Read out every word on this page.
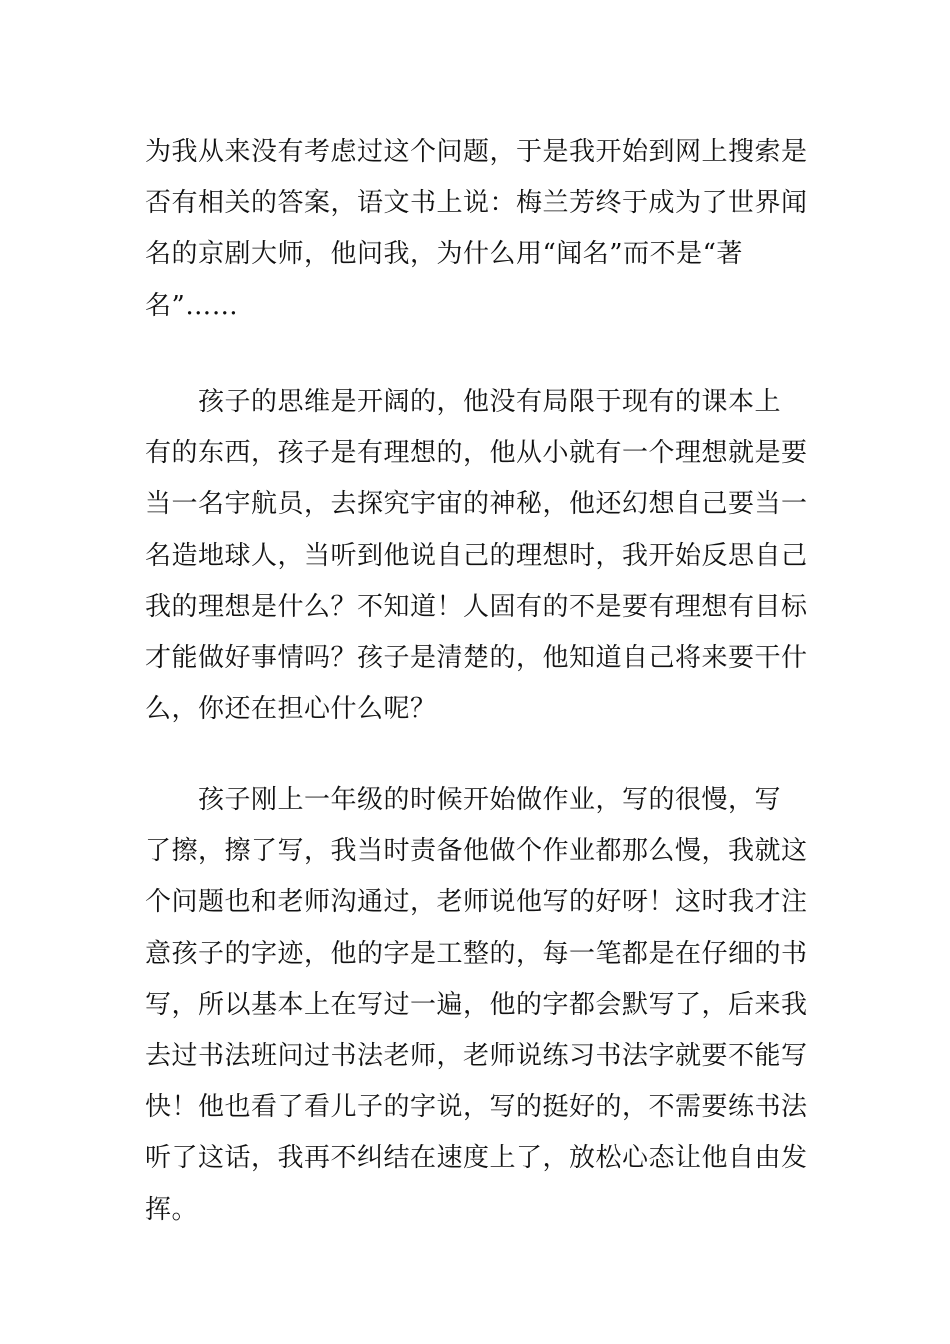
为我从来没有考虑过这个问题，于是我开始到网上搜索是
否有相关的答案，语文书上说：梅兰芳终于成为了世界闻
名的京剧大师，他问我，为什么用“闻名”而不是“著
名”……

　　孩子的思维是开阔的，他没有局限于现有的课本上
有的东西，孩子是有理想的，他从小就有一个理想就是要
当一名宇航员，去探究宇宙的神秘，他还幻想自己要当一
名造地球人，当听到他说自己的理想时，我开始反思自己
我的理想是什么？不知道！人固有的不是要有理想有目标
才能做好事情吗？孩子是清楚的，他知道自己将来要干什
么，你还在担心什么呢？

　　孩子刚上一年级的时候开始做作业，写的很慢，写
了擦，擦了写，我当时责备他做个作业都那么慢，我就这
个问题也和老师沟通过，老师说他写的好呀！这时我才注
意孩子的字迹，他的字是工整的，每一笔都是在仔细的书
写，所以基本上在写过一遍，他的字都会默写了，后来我
去过书法班问过书法老师，老师说练习书法字就要不能写
快！他也看了看儿子的字说，写的挺好的，不需要练书法
听了这话，我再不纠结在速度上了，放松心态让他自由发
挥。
